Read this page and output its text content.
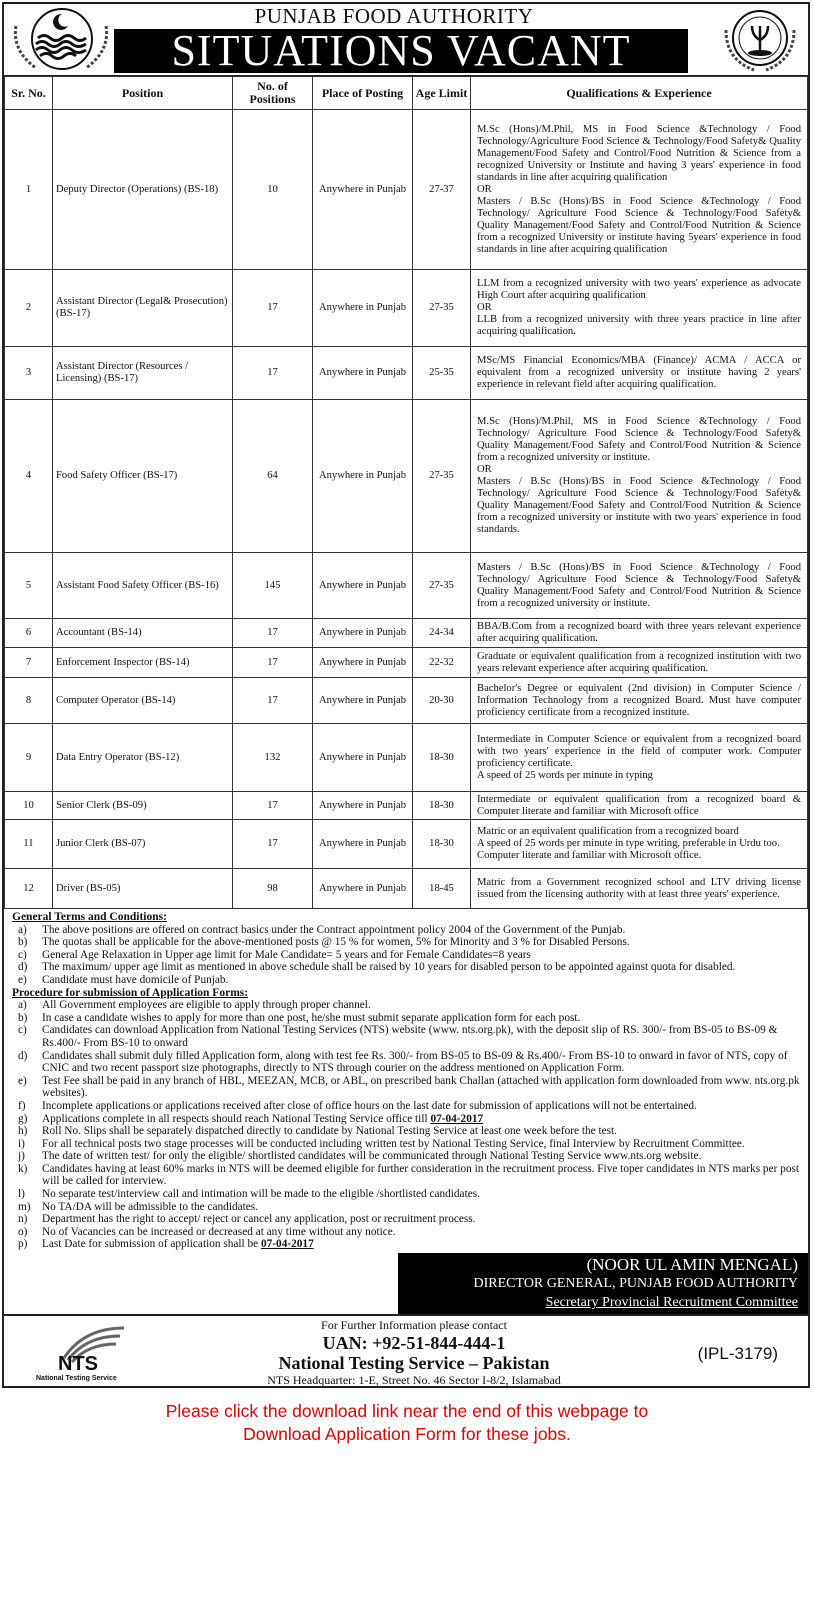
PUNJAB FOOD AUTHORITY
SITUATIONS VACANT
Sr. No.	Position	No. of Positions	Place of Posting	Age Limit	Qualifications & Experience
1	Deputy Director (Operations) (BS-18)	10	Anywhere in Punjab	27-37	M.Sc (Hons)/M.Phil, MS in Food Science &Technology / Food Technology/Agriculture Food Science & Technology/Food Safety& Quality Management/Food Safety and Control/Food Nutrition & Science from a recognized University or Institute and having 3 years' experience in food standards in line after acquiring qualification

OR

Masters / B.Sc (Hons)/BS in Food Science &Technology / Food Technology/ Agriculture Food Science & Technology/Food Safety& Quality Management/Food Safety and Control/Food Nutrition & Science from a recognized University or institute having 5years' experience in food standards in line after acquiring qualification

2	Assistant Director (Legal& Prosecution) (BS-17)	17	Anywhere in Punjab	27-35	LLM from a recognized university with two years' experience as advocate High Court after acquiring qualification

OR

LLB from a recognized university with three years practice in line after acquiring qualification.

3	Assistant Director (Resources / Licensing) (BS-17)	17	Anywhere in Punjab	25-35	MSc/MS Financial Economics/MBA (Finance)/ ACMA / ACCA or equivalent from a recognized university or institute having 2 years' experience in relevant field after acquiring qualification.

4	Food Safety Officer (BS-17)	64	Anywhere in Punjab	27-35	M.Sc (Hons)/M.Phil, MS in Food Science &Technology / Food Technology/ Agriculture Food Science & Technology/Food Safety& Quality Management/Food Safety and Control/Food Nutrition & Science from a recognized university or institute.

OR

Masters / B.Sc (Hons)/BS in Food Science &Technology / Food Technology/ Agriculture Food Science & Technology/Food Safety& Quality Management/Food Safety and Control/Food Nutrition & Science from a recognized university or institute with two years' experience in food standards.

5	Assistant Food Safety Officer (BS-16)	145	Anywhere in Punjab	27-35	Masters / B.Sc (Hons)/BS in Food Science &Technology / Food Technology/ Agriculture Food Science & Technology/Food Safety& Quality Management/Food Safety and Control/Food Nutrition & Science from a recognized university or institute.

6	Accountant (BS-14)	17	Anywhere in Punjab	24-34	BBA/B.Com from a recognized board with three years relevant experience after acquiring qualification.

7	Enforcement Inspector (BS-14)	17	Anywhere in Punjab	22-32	Graduate or equivalent qualification from a recognized institution with two years relevant experience after acquiring qualification.

8	Computer Operator (BS-14)	17	Anywhere in Punjab	20-30	Bachelor's Degree or equivalent (2nd division) in Computer Science / Information Technology from a recognized Board. Must have computer proficiency certificate from a recognized institute.

9	Data Entry Operator (BS-12)	132	Anywhere in Punjab	18-30	Intermediate in Computer Science or equivalent from a recognized board with two years' experience in the field of computer work. Computer proficiency certificate.

A speed of 25 words per minute in typing

10	Senior Clerk (BS-09)	17	Anywhere in Punjab	18-30	Intermediate or equivalent qualification from a recognized board & Computer literate and familiar with Microsoft office

11	Junior Clerk (BS-07)	17	Anywhere in Punjab	18-30	Matric or an equivalent qualification from a recognized board

A speed of 25 words per minute in type writing, preferable in Urdu too.

Computer literate and familiar with Microsoft office.

12	Driver (BS-05)	98	Anywhere in Punjab	18-45	Matric from a Government recognized school and LTV driving license issued from the licensing authority with at least three years' experience.

General Terms and Conditions:
a)	The above positions are offered on contract basics under the Contract appointment policy 2004 of the Government of the Punjab.
b)	The quotas shall be applicable for the above-mentioned posts @ 15 % for women, 5% for Minority and 3 % for Disabled Persons.
c)	General Age Relaxation in Upper age limit for Male Candidate= 5 years and for Female Candidates=8 years
d)	The maximum/ upper age limit as mentioned in above schedule shall be raised by 10 years for disabled person to be appointed against quota for disabled.
e)	Candidate must have domicile of Punjab.
Procedure for submission of Application Forms:
a)	All Government employees are eligible to apply through proper channel.
b)	In case a candidate wishes to apply for more than one post, he/she must submit separate application form for each post.
c)	Candidates can download Application from National Testing Services (NTS) website (www. nts.org.pk), with the deposit slip of RS. 300/- from BS-05 to BS-09 & Rs.400/- From BS-10 to onward
d)	Candidates shall submit duly filled Application form, along with test fee Rs. 300/- from BS-05 to BS-09 & Rs.400/- From BS-10 to onward in favor of NTS, copy of CNIC and two recent passport size photographs, directly to NTS through courier on the address mentioned on Application Form.
e)	Test Fee shall be paid in any branch of HBL, MEEZAN, MCB, or ABL, on prescribed bank Challan (attached with application form downloaded from www. nts.org.pk websites).
f)	Incomplete applications or applications received after close of office hours on the last date for submission of applications will not be entertained.
g)	Applications complete in all respects should reach National Testing Service office till 07-04-2017
h)	Roll No. Slips shall be separately dispatched directly to candidate by National Testing Service at least one week before the test.
i)	For all technical posts two stage processes will be conducted including written test by National Testing Service, final Interview by Recruitment Committee.
j)	The date of written test/ for only the eligible/ shortlisted candidates will be communicated through National Testing Service www.nts.org website.
k)	Candidates having at least 60% marks in NTS will be deemed eligible for further consideration in the recruitment process. Five toper candidates in NTS marks per post will be called for interview.
l)	No separate test/interview call and intimation will be made to the eligible /shortlisted candidates.
m)	No TA/DA will be admissible to the candidates.
n)	Department has the right to accept/ reject or cancel any application, post or recruitment process.
o)	No of Vacancies can be increased or decreased at any time without any notice.
p)	Last Date for submission of application shall be 07-04-2017
(NOOR UL AMIN MENGAL)
DIRECTOR GENERAL, PUNJAB FOOD AUTHORITY
Secretary Provincial Recruitment Committee
NTS
National Testing Service
For Further Information please contact
UAN: +92-51-844-444-1
National Testing Service – Pakistan
NTS Headquarter: 1-E, Street No. 46 Sector I-8/2, Islamabad
(IPL-3179)
Please click the download link near the end of this webpage to
Download Application Form for these jobs.
